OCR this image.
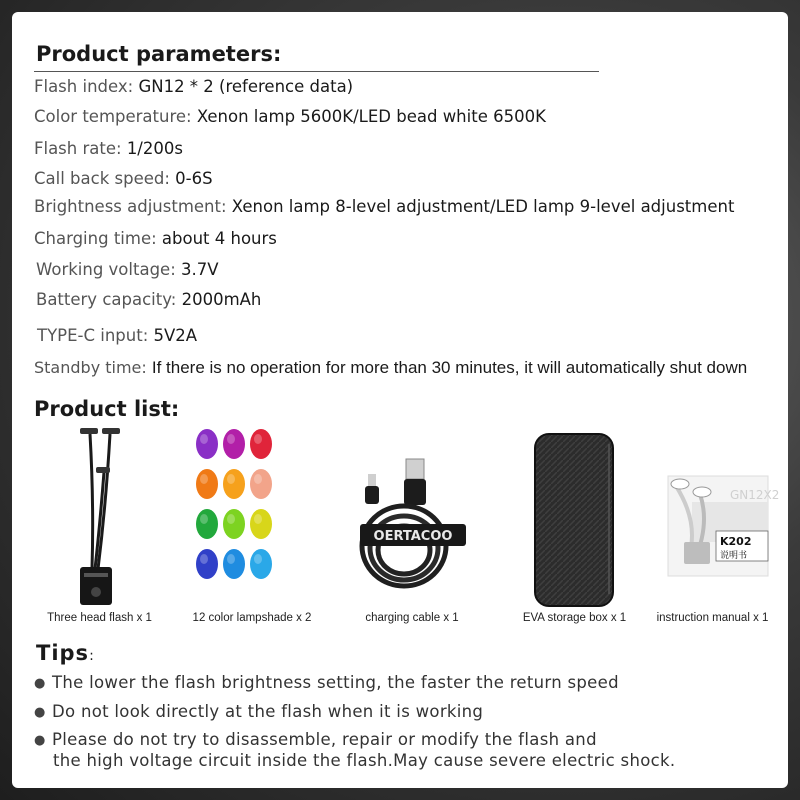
Product parameters:
Flash index: GN12 * 2 (reference data)
Color temperature: Xenon lamp 5600K/LED bead white 6500K
Flash rate: 1/200s
Call back speed: 0-6S
Brightness adjustment: Xenon lamp 8-level adjustment/LED lamp 9-level adjustment
Charging time: about 4 hours
Working voltage: 3.7V
Battery capacity: 2000mAh
TYPE-C input: 5V2A
Standby time: If there is no operation for more than 30 minutes, it will automatically shut down
Product list:
Three head flash x 1	12 color lampshade x 2
OERTACOO
charging cable x 1	EVA storage box x 1
GN12X2
K202
说明书
instruction manual x 1
Tips:
● The lower the flash brightness setting, the faster the return speed
● Do not look directly at the flash when it is working
● Please do not try to disassemble, repair or modify the flash and
the high voltage circuit inside the flash.May cause severe electric shock.
